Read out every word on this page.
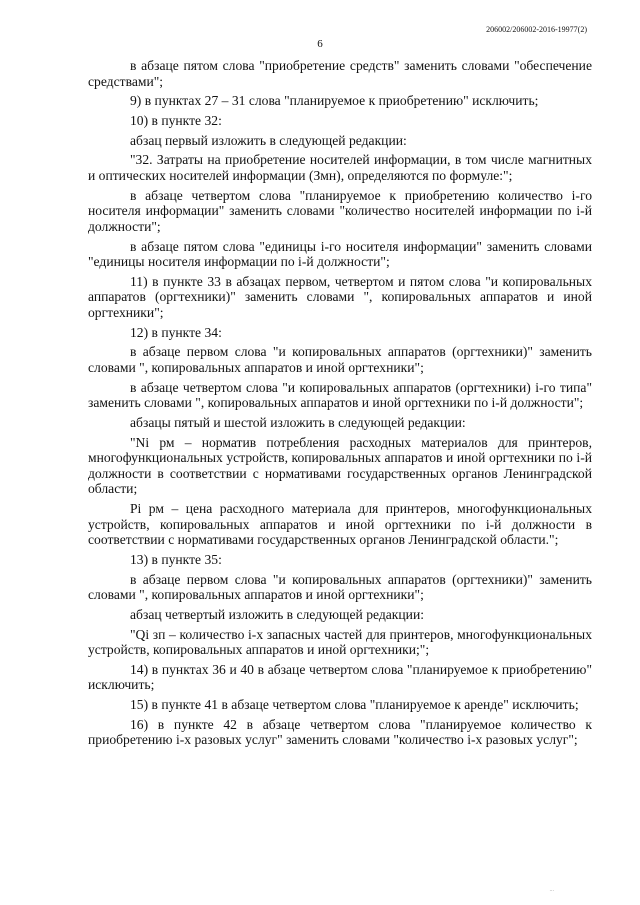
206002/206002-2016-19977(2)
6

в абзаце пятом слова "приобретение средств" заменить словами "обеспечение средствами";

9) в пунктах 27 – 31 слова "планируемое к приобретению" исключить;

10) в пункте 32:

абзац первый изложить в следующей редакции:

"32. Затраты на приобретение носителей информации, в том числе магнитных и оптических носителей информации (Змн), определяются по формуле:";

в абзаце четвертом слова "планируемое к приобретению количество i-го носителя информации" заменить словами "количество носителей информации по i-й должности";

в абзаце пятом слова "единицы i-го носителя информации" заменить словами "единицы носителя информации по i-й должности";

11) в пункте 33 в абзацах первом, четвертом и пятом слова "и копировальных аппаратов (оргтехники)" заменить словами ", копировальных аппаратов и иной оргтехники";

12) в пункте 34:

в абзаце первом слова "и копировальных аппаратов (оргтехники)" заменить словами ", копировальных аппаратов и иной оргтехники";

в абзаце четвертом слова "и копировальных аппаратов (оргтехники) i-го типа" заменить словами ", копировальных аппаратов и иной оргтехники по i-й должности";

абзацы пятый и шестой изложить в следующей редакции:

"Ni рм – норматив потребления расходных материалов для принтеров, многофункциональных устройств, копировальных аппаратов и иной оргтехники по i-й должности в соответствии с нормативами государственных органов Ленинградской области;

Рi рм – цена расходного материала для принтеров, многофункциональных устройств, копировальных аппаратов и иной оргтехники по i-й должности в соответствии с нормативами государственных органов Ленинградской области.";

13) в пункте 35:

в абзаце первом слова "и копировальных аппаратов (оргтехники)" заменить словами ", копировальных аппаратов и иной оргтехники";

абзац четвертый изложить в следующей редакции:

"Qi зп – количество i-х запасных частей для принтеров, многофункциональных устройств, копировальных аппаратов и иной оргтехники;";

14) в пунктах 36 и 40 в абзаце четвертом слова "планируемое к приобретению" исключить;

15) в пункте 41 в абзаце четвертом слова "планируемое к аренде" исключить;

16) в пункте 42 в абзаце четвертом слова "планируемое количество к приобретению i-х разовых услуг" заменить словами "количество i-х разовых услуг";

...
